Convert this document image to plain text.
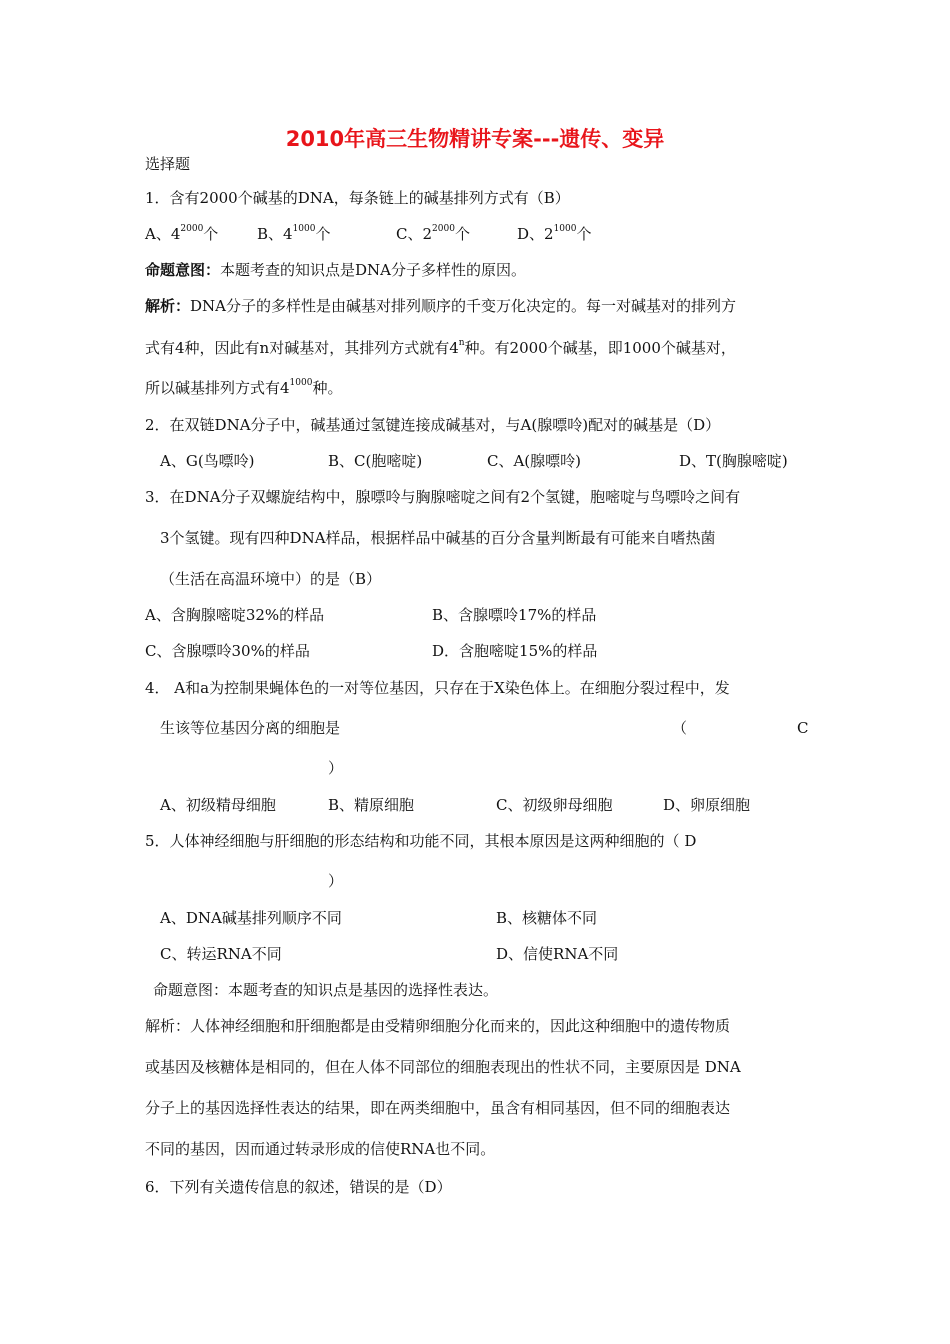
2010年高三生物精讲专案---遗传、变异
选择题
1．含有2000个碱基的DNA，每条链上的碱基排列方式有（B）
A、$4^{2000}$个	B、$4^{1000}$个	C、$2^{2000}$个	D、$2^{1000}$个
命题意图：本题考查的知识点是DNA分子多样性的原因。
解析：DNA分子的多样性是由碱基对排列顺序的千变万化决定的。每一对碱基对的排列方
式有4种，因此有n对碱基对，其排列方式就有4$^n$种。有2000个碱基，即1000个碱基对，
所以碱基排列方式有$4^{1000}$种。
2．在双链DNA分子中，碱基通过氢键连接成碱基对，与A(腺嘌呤)配对的碱基是（D）
A、G(鸟嘌呤)	B、C(胞嘧啶)	C、A(腺嘌呤)	D、T(胸腺嘧啶)
3．在DNA分子双螺旋结构中，腺嘌呤与胸腺嘧啶之间有2个氢键，胞嘧啶与鸟嘌呤之间有
3个氢键。现有四种DNA样品，根据样品中碱基的百分含量判断最有可能来自嗜热菌
（生活在高温环境中）的是（B）
A、含胸腺嘧啶32%的样品	B、含腺嘌呤17%的样品
C、含腺嘌呤30%的样品	D．含胞嘧啶15%的样品
4． A和a为控制果蝇体色的一对等位基因，只存在于X染色体上。在细胞分裂过程中，发
生该等位基因分离的细胞是	（	C
）
A、初级精母细胞	B、精原细胞	C、初级卵母细胞	D、卵原细胞
5．人体神经细胞与肝细胞的形态结构和功能不同，其根本原因是这两种细胞的（ D
）
A、DNA碱基排列顺序不同	B、核糖体不同
C、转运RNA不同	D、信使RNA不同
命题意图：本题考查的知识点是基因的选择性表达。
解析：人体神经细胞和肝细胞都是由受精卵细胞分化而来的，因此这种细胞中的遗传物质
或基因及核糖体是相同的，但在人体不同部位的细胞表现出的性状不同，主要原因是 DNA
分子上的基因选择性表达的结果，即在两类细胞中，虽含有相同基因，但不同的细胞表达
不同的基因，因而通过转录形成的信使RNA也不同。
6．下列有关遗传信息的叙述，错误的是（D）
